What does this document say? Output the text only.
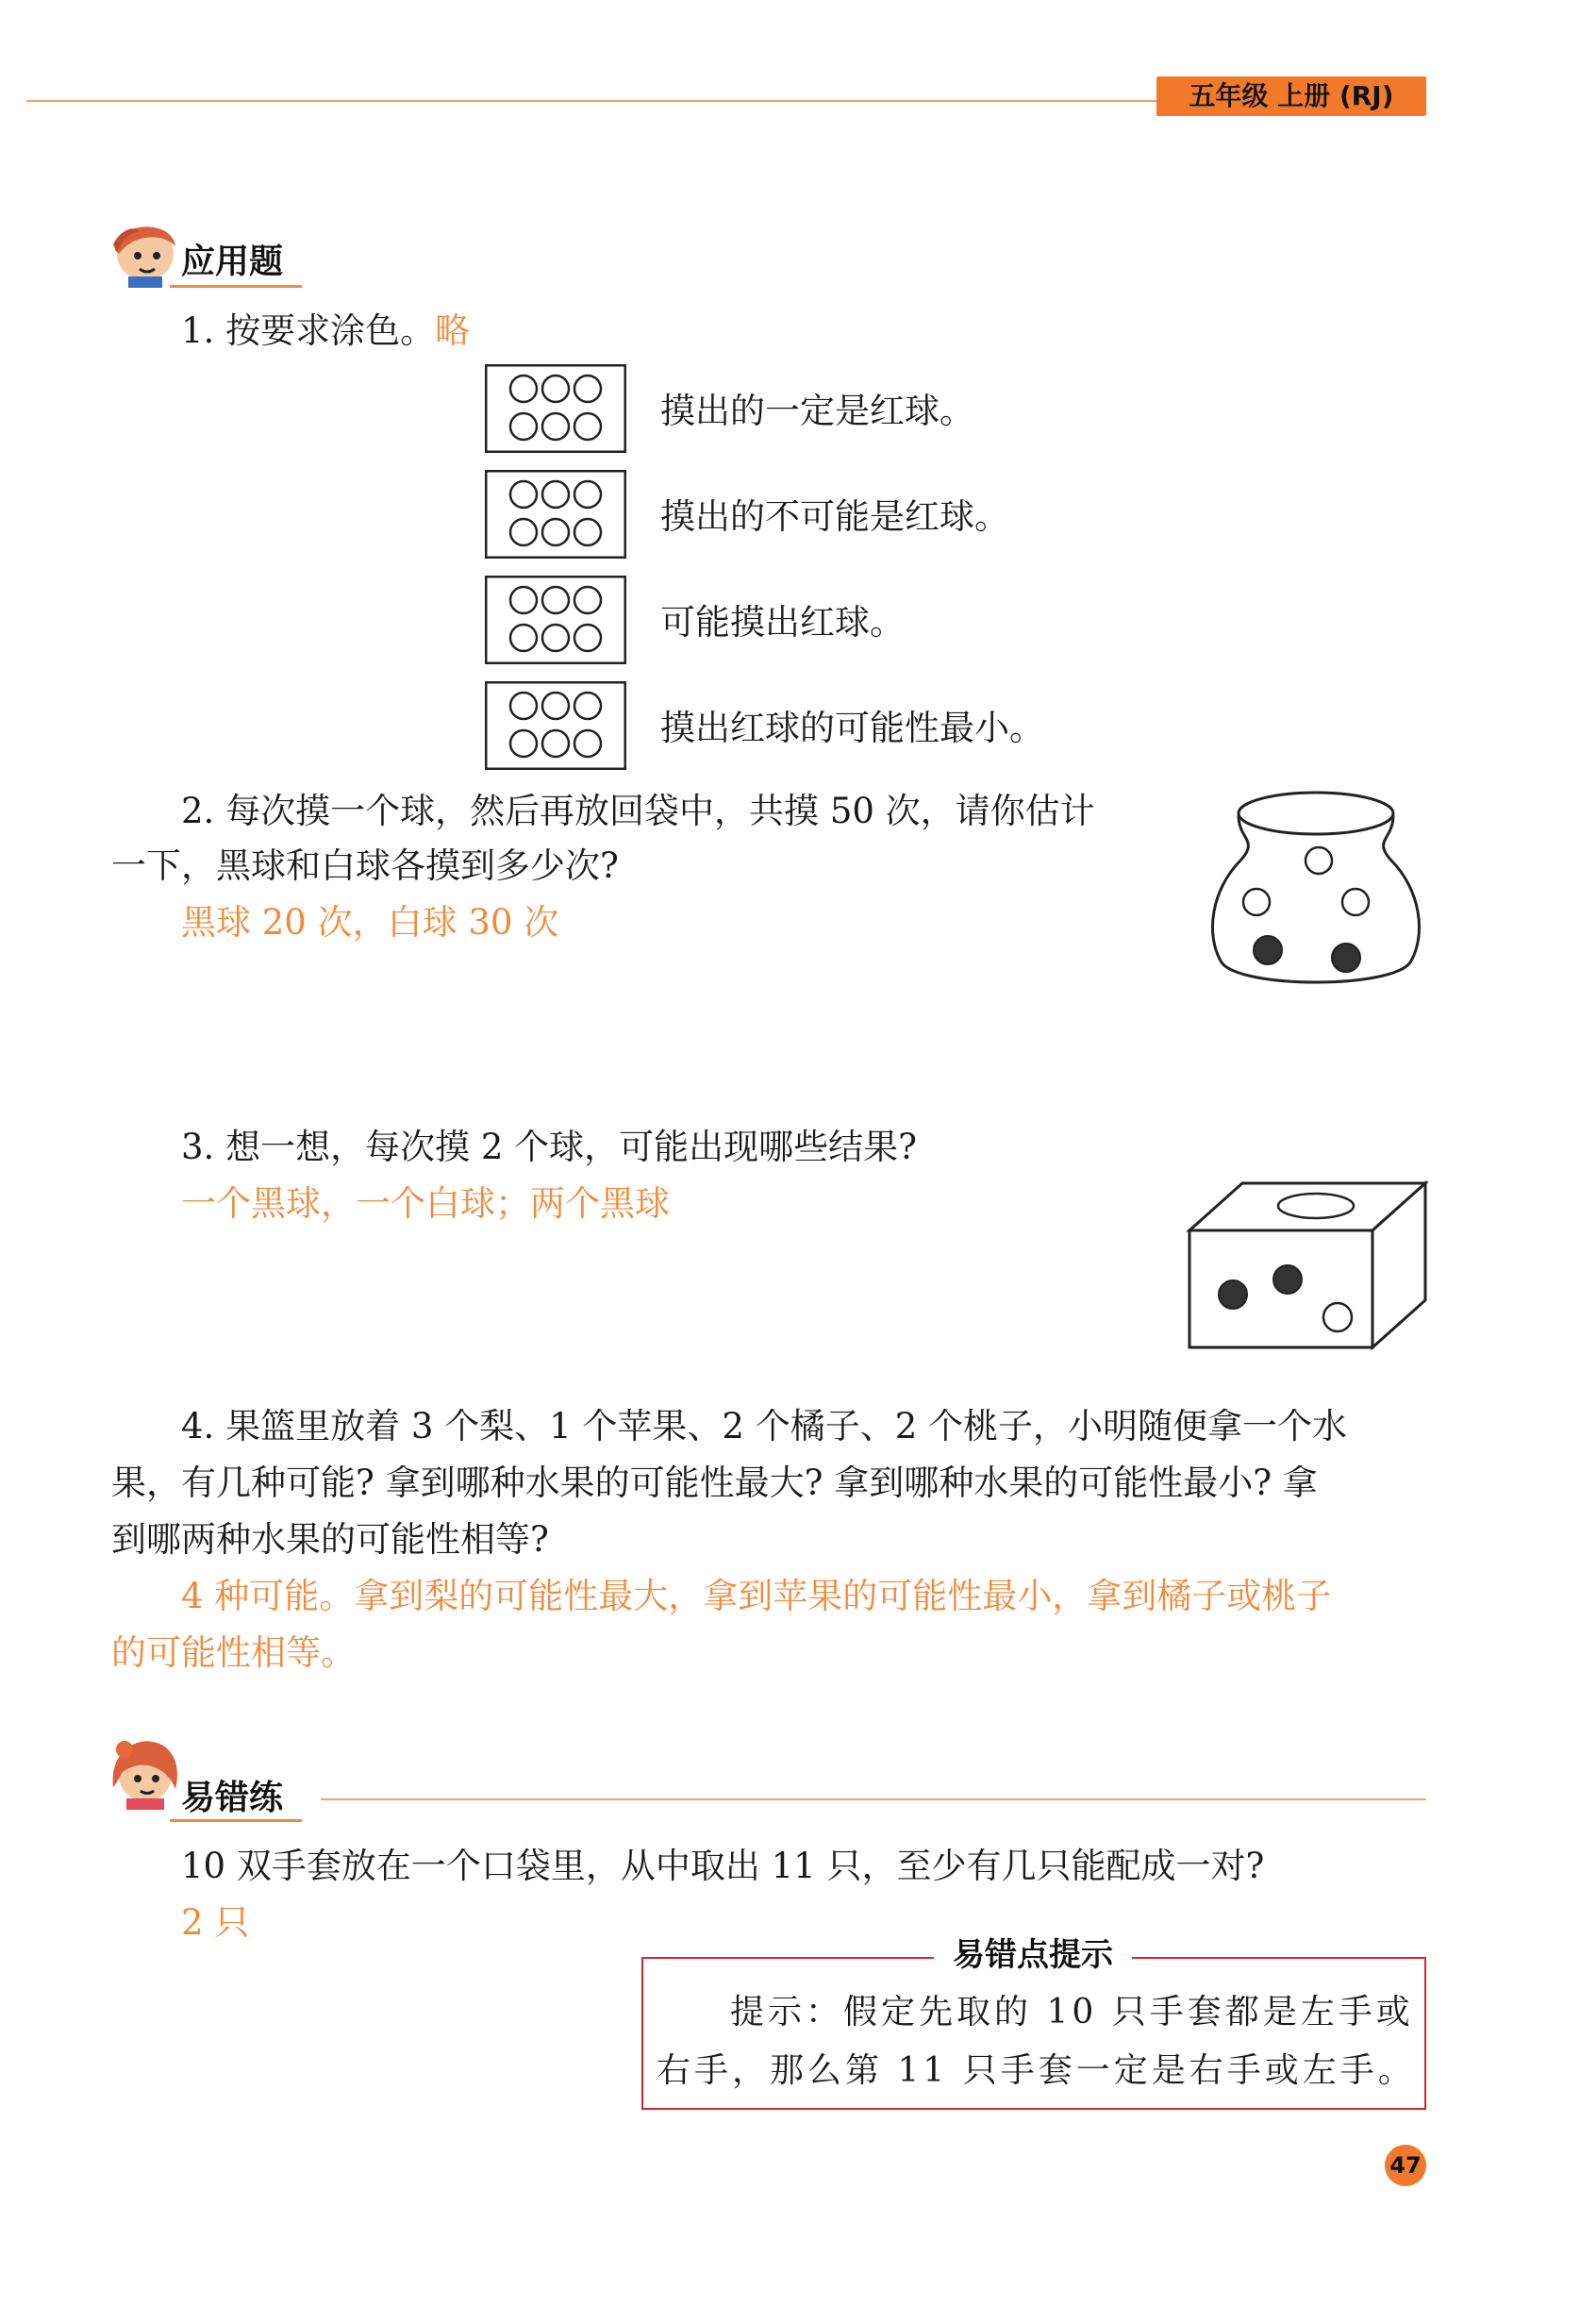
五年级 上册 (RJ)
应用题
1. 按要求涂色。略
摸出的一定是红球。
摸出的不可能是红球。
可能摸出红球。
摸出红球的可能性最小。
2. 每次摸一个球，然后再放回袋中，共摸 50 次，请你估计
一下，黑球和白球各摸到多少次?
黑球 20 次，白球 30 次
3. 想一想，每次摸 2 个球，可能出现哪些结果?
一个黑球，一个白球；两个黑球
4. 果篮里放着 3 个梨、1 个苹果、2 个橘子、2 个桃子，小明随便拿一个水
果，有几种可能? 拿到哪种水果的可能性最大? 拿到哪种水果的可能性最小? 拿
到哪两种水果的可能性相等?
4 种可能。拿到梨的可能性最大，拿到苹果的可能性最小，拿到橘子或桃子
的可能性相等。
易错练
10 双手套放在一个口袋里，从中取出 11 只，至少有几只能配成一对?
2 只
易错点提示
提示：假定先取的 10 只手套都是左手或
右手，那么第 11 只手套一定是右手或左手。
47
